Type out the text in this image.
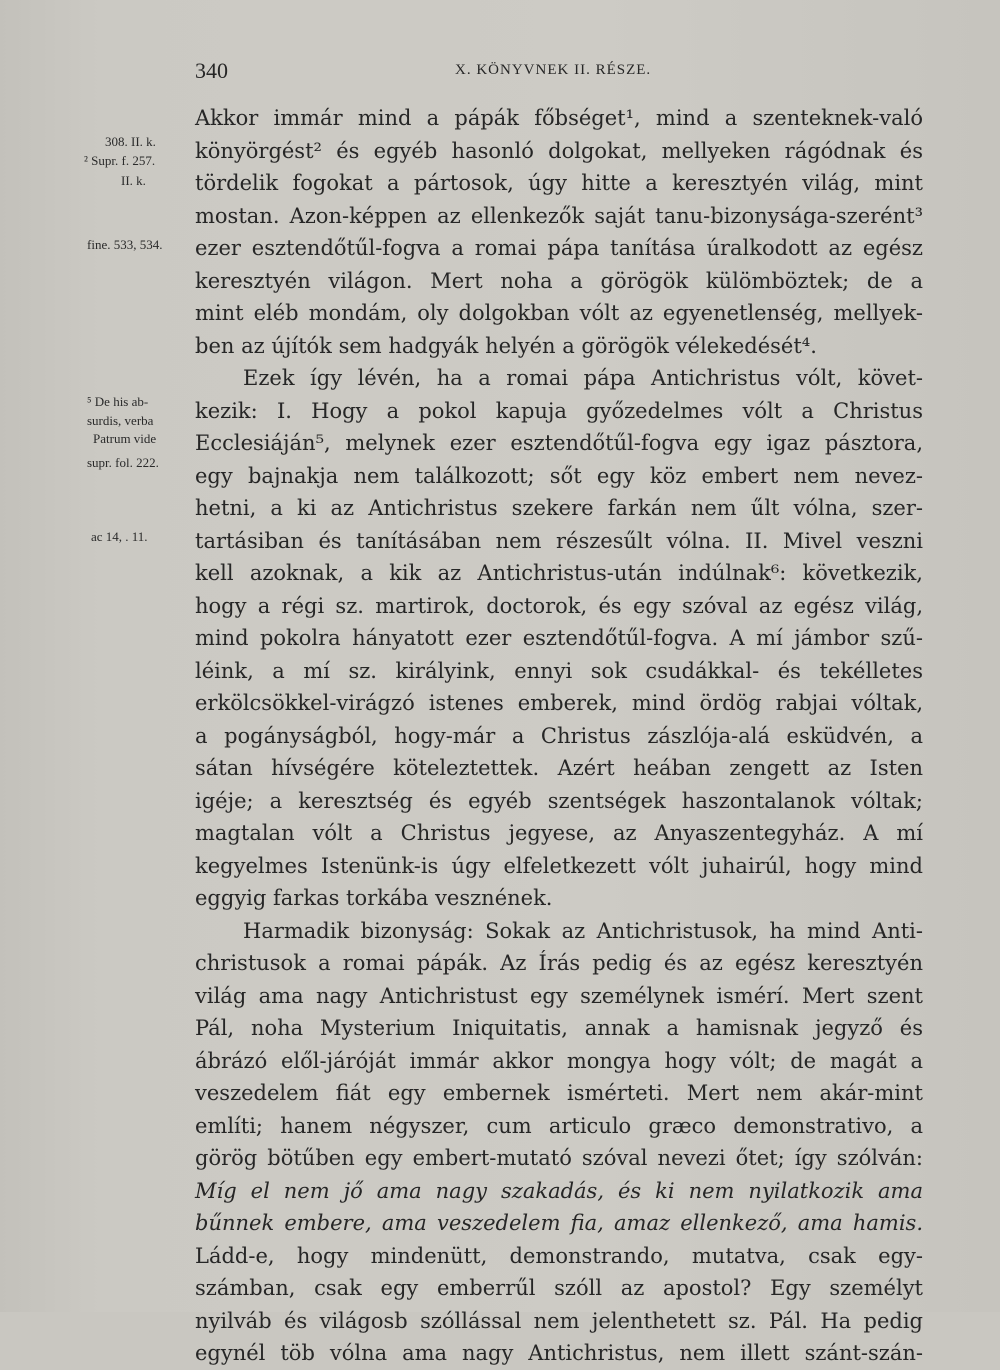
340	X. KÖNYVNEK II. RÉSZE.
308. II. k.
² Supr. f. 257.
II. k.
fine. 533, 534.
⁵ De his ab-
surdis, verba
Patrum vide
supr. fol. 222.
ac 14, . 11.
Akkor immár mind a pápák főbséget¹, mind a szenteknek-való
könyörgést² és egyéb hasonló dolgokat, mellyeken rágódnak és
tördelik fogokat a pártosok, úgy hitte a keresztyén világ, mint
mostan. Azon-képpen az ellenkezők saját tanu-bizonysága-szerént³
ezer esztendőtűl-fogva a romai pápa tanítása úralkodott az egész
keresztyén világon. Mert noha a görögök külömböztek; de a
mint eléb mondám, oly dolgokban vólt az egyenetlenség, mellyek-
ben az újítók sem hadgyák helyén a görögök vélekedését⁴.
Ezek így lévén, ha a romai pápa Antichristus vólt, követ-
kezik: I. Hogy a pokol kapuja győzedelmes vólt a Christus
Ecclesiáján⁵, melynek ezer esztendőtűl-fogva egy igaz pásztora,
egy bajnakja nem találkozott; sőt egy köz embert nem nevez-
hetni, a ki az Antichristus szekere farkán nem űlt vólna, szer-
tartásiban és tanításában nem részesűlt vólna. II. Mivel veszni
kell azoknak, a kik az Antichristus-után indúlnak⁶: következik,
hogy a régi sz. martirok, doctorok, és egy szóval az egész világ,
mind pokolra hányatott ezer esztendőtűl-fogva. A mí jámbor szű-
léink, a mí sz. királyink, ennyi sok csudákkal- és tekélletes
erkölcsökkel-virágzó istenes emberek, mind ördög rabjai vóltak,
a pogányságból, hogy-már a Christus zászlója-alá esküdvén, a
sátan hívségére köteleztettek. Azért heában zengett az Isten
igéje; a keresztség és egyéb szentségek haszontalanok vóltak;
magtalan vólt a Christus jegyese, az Anyaszentegyház. A mí
kegyelmes Istenünk-is úgy elfeletkezett vólt juhairúl, hogy mind
eggyig farkas torkába vesznének.
Harmadik bizonyság: Sokak az Antichristusok, ha mind Anti-
christusok a romai pápák. Az Írás pedig és az egész keresztyén
világ ama nagy Antichristust egy személynek ismérí. Mert szent
Pál, noha Mysterium Iniquitatis, annak a hamisnak jegyző és
ábrázó elől-járóját immár akkor mongya hogy vólt; de magát a
veszedelem fiát egy embernek ismérteti. Mert nem akár-mint
említi; hanem négyszer, cum articulo græco demonstrativo, a
görög bötűben egy embert-mutató szóval nevezi őtet; így szólván:
Míg el nem jő ama nagy szakadás, és ki nem nyilatkozik ama
bűnnek embere, ama veszedelem fia, amaz ellenkező, ama hamis.
Ládd-e, hogy mindenütt, demonstrando, mutatva, csak egy-
számban, csak egy emberrűl szóll az apostol? Egy személyt
nyilváb és világosb szóllással nem jelenthetett sz. Pál. Ha pedig
egynél töb vólna ama nagy Antichristus, nem illett szánt-szán-
